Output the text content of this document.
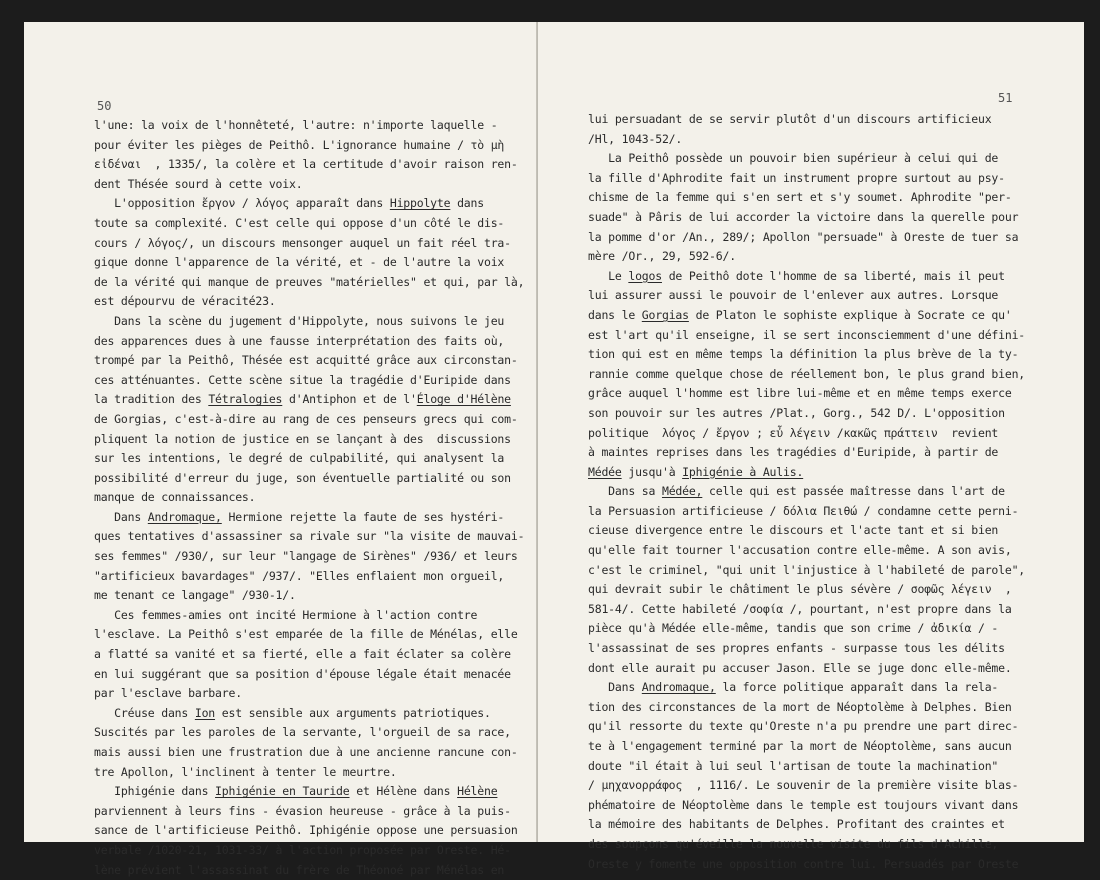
50
l'une: la voix de l'honnêteté, l'autre: n'importe laquelle -
pour éviter les pièges de Peithô. L'ignorance humaine / τὸ μὴ
εἰδέναι  , 1335/, la colère et la certitude d'avoir raison ren-
dent Thésée sourd à cette voix.
L'opposition ἔργον / λόγος apparaît dans Hippolyte dans
toute sa complexité. C'est celle qui oppose d'un côté le dis-
cours / λόγος/, un discours mensonger auquel un fait réel tra-
gique donne l'apparence de la vérité, et - de l'autre la voix
de la vérité qui manque de preuves "matérielles" et qui, par là,
est dépourvu de véracité23.
Dans la scène du jugement d'Hippolyte, nous suivons le jeu
des apparences dues à une fausse interprétation des faits où,
trompé par la Peithô, Thésée est acquitté grâce aux circonstan-
ces atténuantes. Cette scène situe la tragédie d'Euripide dans
la tradition des Tétralogies d'Antiphon et de l'Éloge d'Hélène
de Gorgias, c'est-à-dire au rang de ces penseurs grecs qui com-
pliquent la notion de justice en se lançant à des  discussions
sur les intentions, le degré de culpabilité, qui analysent la
possibilité d'erreur du juge, son éventuelle partialité ou son
manque de connaissances.
Dans Andromaque, Hermione rejette la faute de ses hystéri-
ques tentatives d'assassiner sa rivale sur "la visite de mauvai-
ses femmes" /930/, sur leur "langage de Sirènes" /936/ et leurs
"artificieux bavardages" /937/. "Elles enflaient mon orgueil,
me tenant ce langage" /930-1/.
Ces femmes-amies ont incité Hermione à l'action contre
l'esclave. La Peithô s'est emparée de la fille de Ménélas, elle
a flatté sa vanité et sa fierté, elle a fait éclater sa colère
en lui suggérant que sa position d'épouse légale était menacée
par l'esclave barbare.
Créuse dans Ion est sensible aux arguments patriotiques.
Suscités par les paroles de la servante, l'orgueil de sa race,
mais aussi bien une frustration due à une ancienne rancune con-
tre Apollon, l'inclinent à tenter le meurtre.
Iphigénie dans Iphigénie en Tauride et Hélène dans Hélène
parviennent à leurs fins - évasion heureuse - grâce à la puis-
sance de l'artificieuse Peithô. Iphigénie oppose une persuasion
verbale /1020-21, 1031-33/ à l'action proposée par Oreste. Hé-
lène prévient l'assassinat du frère de Théonoé par Ménélas en
51
lui persuadant de se servir plutôt d'un discours artificieux
/Hl, 1043-52/.
La Peithô possède un pouvoir bien supérieur à celui qui de
la fille d'Aphrodite fait un instrument propre surtout au psy-
chisme de la femme qui s'en sert et s'y soumet. Aphrodite "per-
suade" à Pâris de lui accorder la victoire dans la querelle pour
la pomme d'or /An., 289/; Apollon "persuade" à Oreste de tuer sa
mère /Or., 29, 592-6/.
Le logos de Peithô dote l'homme de sa liberté, mais il peut
lui assurer aussi le pouvoir de l'enlever aux autres. Lorsque
dans le Gorgias de Platon le sophiste explique à Socrate ce qu'
est l'art qu'il enseigne, il se sert inconsciemment d'une défini-
tion qui est en même temps la définition la plus brève de la ty-
rannie comme quelque chose de réellement bon, le plus grand bien,
grâce auquel l'homme est libre lui-même et en même temps exerce
son pouvoir sur les autres /Plat., Gorg., 542 D/. L'opposition
politique  λόγος / ἔργον ; εὖ λέγειν /κακῶς πράττειν  revient
à maintes reprises dans les tragédies d'Euripide, à partir de
Médée jusqu'à Iphigénie à Aulis.
Dans sa Médée, celle qui est passée maîtresse dans l'art de
la Persuasion artificieuse / δόλια Πειθώ / condamne cette perni-
cieuse divergence entre le discours et l'acte tant et si bien
qu'elle fait tourner l'accusation contre elle-même. A son avis,
c'est le criminel, "qui unit l'injustice à l'habileté de parole",
qui devrait subir le châtiment le plus sévère / σοφῶς λέγειν  ,
581-4/. Cette habileté /σοφία /, pourtant, n'est propre dans la
pièce qu'à Médée elle-même, tandis que son crime / ἀδικία / -
l'assassinat de ses propres enfants - surpasse tous les délits
dont elle aurait pu accuser Jason. Elle se juge donc elle-même.
Dans Andromaque, la force politique apparaît dans la rela-
tion des circonstances de la mort de Néoptolème à Delphes. Bien
qu'il ressorte du texte qu'Oreste n'a pu prendre une part direc-
te à l'engagement terminé par la mort de Néoptolème, sans aucun
doute "il était à lui seul l'artisan de toute la machination"
/ μηχανορράφος  , 1116/. Le souvenir de la première visite blas-
phématoire de Néoptolème dans le temple est toujours vivant dans
la mémoire des habitants de Delphes. Profitant des craintes et
des soupçons qu'éveille la nouvelle visite du fils d'Achille,
Oreste y fomente une opposition contre lui. Persuadés par Oreste
